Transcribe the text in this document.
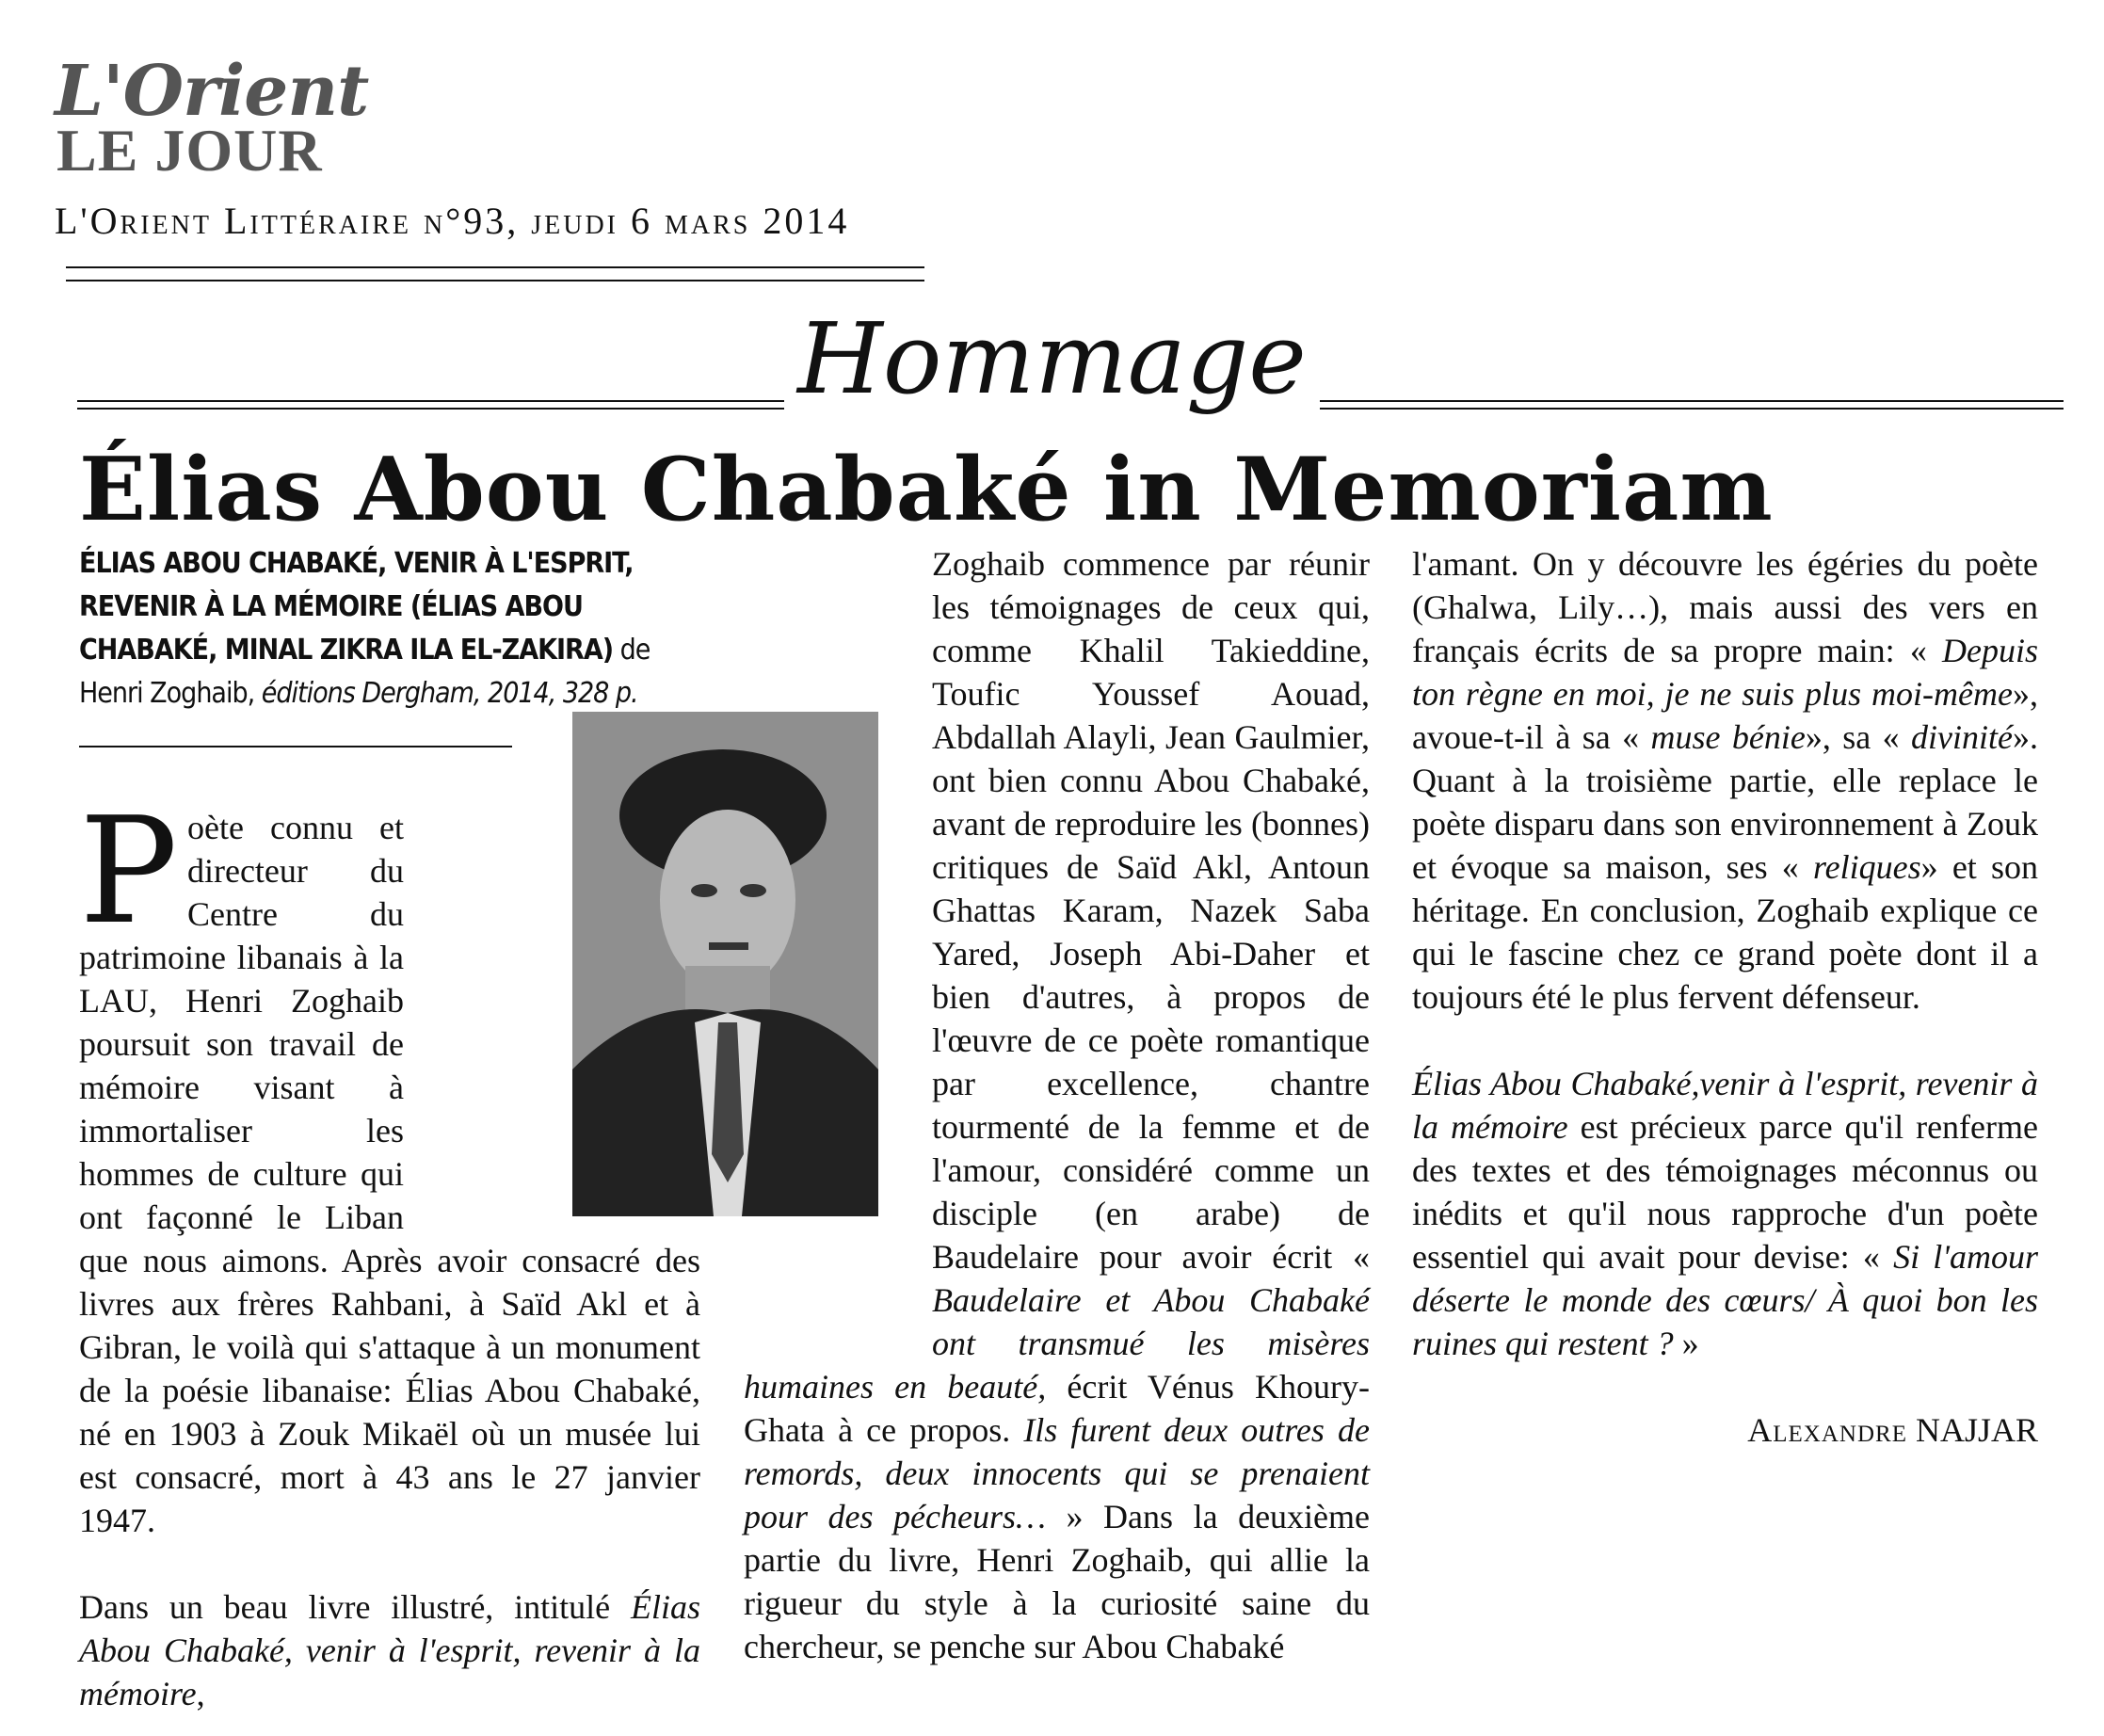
L'Orient
LE JOUR
L'Orient Littéraire n°93, jeudi 6 mars 2014
Hommage
Élias Abou Chabaké in Memoriam
ÉLIAS ABOU CHABAKÉ, VENIR À L'ESPRIT, REVENIR À LA MÉMOIRE (ÉLIAS ABOU CHABAKÉ, MINAL ZIKRA ILA EL-ZAKIRA) de Henri Zoghaib, éditions Dergham, 2014, 328 p.

Poète connu et directeur du Centre du patrimoine libanais à la LAU, Henri Zoghaib poursuit son travail de mémoire visant à immortaliser les hommes de culture qui ont façonné le Liban que nous aimons. Après avoir consacré des livres aux frères Rahbani, à Saïd Akl et à Gibran, le voilà qui s'attaque à un monument de la poésie libanaise: Élias Abou Chabaké, né en 1903 à Zouk Mikaël où un musée lui est consacré, mort à 43 ans le 27 janvier 1947.

Dans un beau livre illustré, intitulé Élias Abou Chabaké, venir à l'esprit, revenir à la mémoire,

Zoghaib commence par réunir les témoignages de ceux qui, comme Khalil Takieddine, Toufic Youssef Aouad, Abdallah Alayli, Jean Gaulmier, ont bien connu Abou Chabaké, avant de reproduire les (bonnes) critiques de Saïd Akl, Antoun Ghattas Karam, Nazek Saba Yared, Joseph Abi-Daher et bien d'autres, à propos de l'œuvre de ce poète romantique par excellence, chantre tourmenté de la femme et de l'amour, considéré comme un disciple (en arabe) de Baudelaire pour avoir écrit « Baudelaire et Abou Chabaké ont transmué les misères humaines en beauté, écrit Vénus Khoury-Ghata à ce propos. Ils furent deux outres de remords, deux innocents qui se prenaient pour des pécheurs… » Dans la deuxième partie du livre, Henri Zoghaib, qui allie la rigueur du style à la curiosité saine du chercheur, se penche sur Abou Chabaké

l'amant. On y découvre les égéries du poète (Ghalwa, Lily…), mais aussi des vers en français écrits de sa propre main: « Depuis ton règne en moi, je ne suis plus moi-même», avoue-t-il à sa « muse bénie», sa « divinité». Quant à la troisième partie, elle replace le poète disparu dans son environnement à Zouk et évoque sa maison, ses « reliques» et son héritage. En conclusion, Zoghaib explique ce qui le fascine chez ce grand poète dont il a toujours été le plus fervent défenseur.

Élias Abou Chabaké,venir à l'esprit, revenir à la mémoire est précieux parce qu'il renferme des textes et des témoignages méconnus ou inédits et qu'il nous rapproche d'un poète essentiel qui avait pour devise: « Si l'amour déserte le monde des cœurs/ À quoi bon les ruines qui restent ? »

Alexandre NAJJAR
